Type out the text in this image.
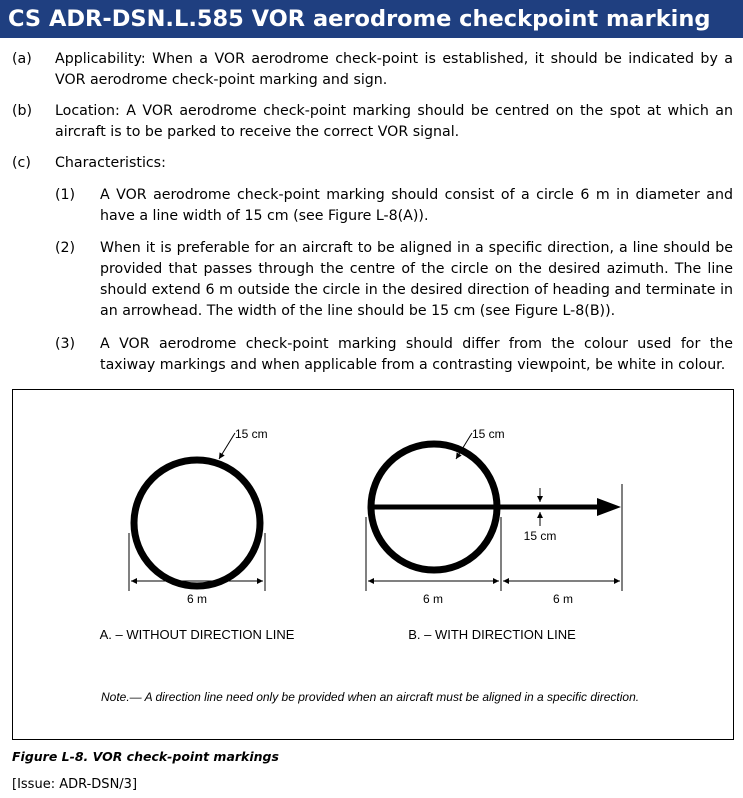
CS ADR-DSN.L.585 VOR aerodrome checkpoint marking
(a) Applicability: When a VOR aerodrome check-point is established, it should be indicated by a VOR aerodrome check-point marking and sign.
(b) Location: A VOR aerodrome check-point marking should be centred on the spot at which an aircraft is to be parked to receive the correct VOR signal.
(c) Characteristics:
(1) A VOR aerodrome check-point marking should consist of a circle 6 m in diameter and have a line width of 15 cm (see Figure L-8(A)).
(2) When it is preferable for an aircraft to be aligned in a specific direction, a line should be provided that passes through the centre of the circle on the desired azimuth. The line should extend 6 m outside the circle in the desired direction of heading and terminate in an arrowhead. The width of the line should be 15 cm (see Figure L-8(B)).
(3) A VOR aerodrome check-point marking should differ from the colour used for the taxiway markings and when applicable from a contrasting viewpoint, be white in colour.
15 cm
6 m
A. – WITHOUT DIRECTION LINE
15 cm
15 cm
6 m	6 m
B. – WITH DIRECTION LINE
Note.— A direction line need only be provided when an aircraft must be aligned in a specific direction.
Figure L-8. VOR check-point markings
[Issue: ADR-DSN/3]
